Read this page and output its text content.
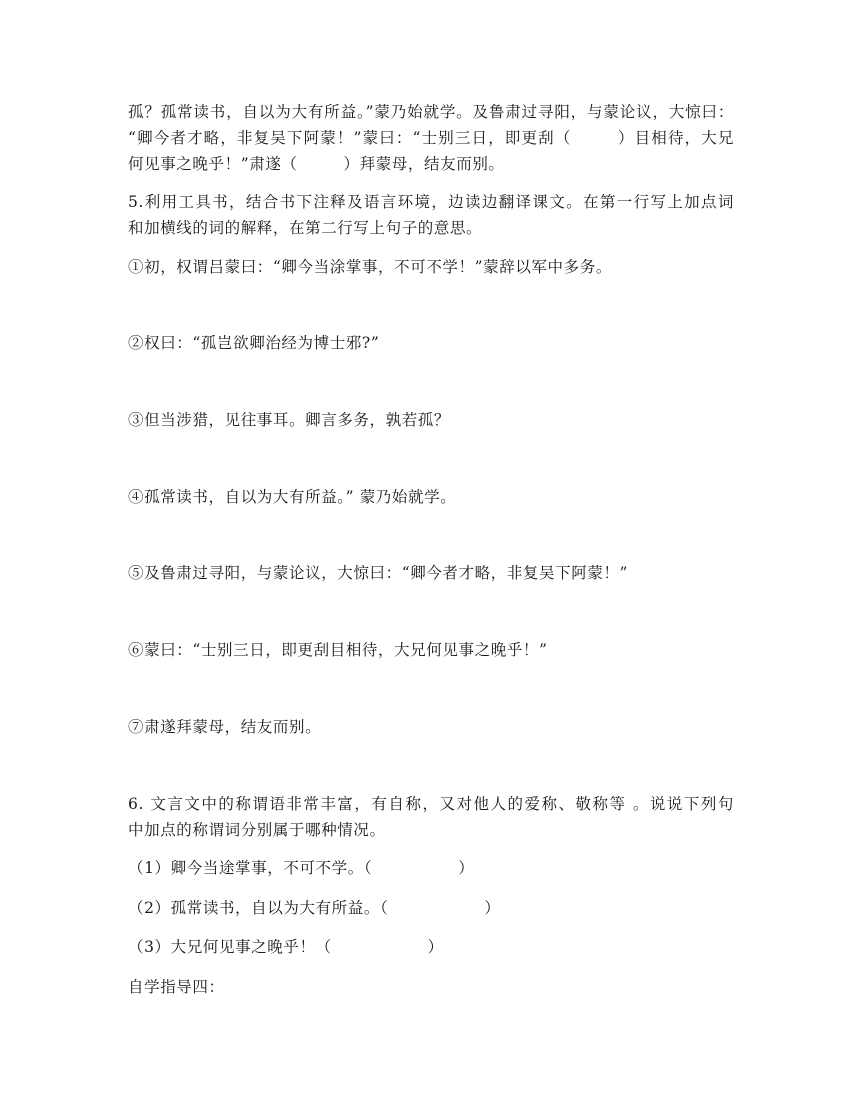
孤？孤常读书，自以为大有所益。”蒙乃始就学。及鲁肃过寻阳，与蒙论议，大惊曰：
“卿今者才略，非复吴下阿蒙！”蒙曰：“士别三日，即更刮（	）目相待，大兄
何见事之晚乎！”肃遂（	）拜蒙母，结友而别。
5.利用工具书，结合书下注释及语言环境，边读边翻译课文。在第一行写上加点词
和加横线的词的解释，在第二行写上句子的意思。
①初，权谓吕蒙曰：“卿今当涂掌事，不可不学！”蒙辞以军中多务。
②权曰：“孤岂欲卿治经为博士邪?”
③但当涉猎，见往事耳。卿言多务，孰若孤？
④孤常读书，自以为大有所益。” 蒙乃始就学。
⑤及鲁肃过寻阳，与蒙论议，大惊曰：“卿今者才略，非复吴下阿蒙！”
⑥蒙曰：“士别三日，即更刮目相待，大兄何见事之晚乎！”
⑦肃遂拜蒙母，结友而别。
6. 文言文中的称谓语非常丰富，有自称，又对他人的爱称、敬称等 。说说下列句
中加点的称谓词分别属于哪种情况。
（1）卿今当途掌事，不可不学。（	）
（2）孤常读书，自以为大有所益。（	）
（3）大兄何见事之晚乎！（	）
自学指导四：
